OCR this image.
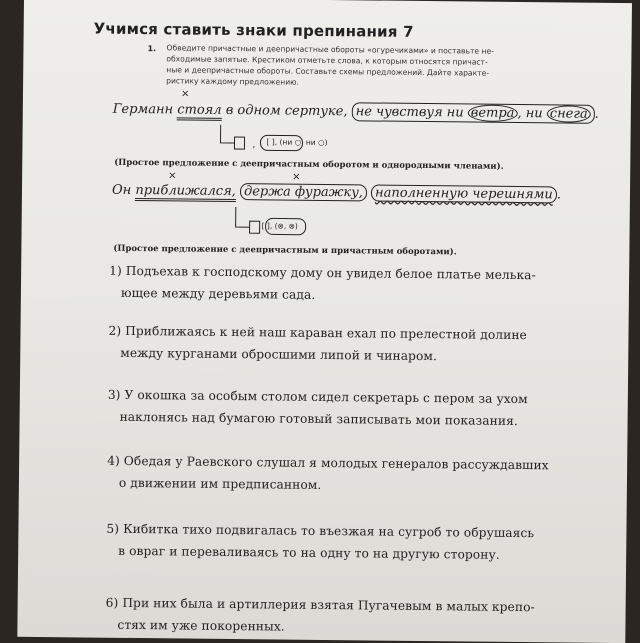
Учимся ставить знаки препинания 7
1. Обведите причастные и деепричастные обороты «огуречиками» и поставьте не-
обходимые запятые. Крестиком отметьте слова, к которым относятся причаст-
ные и деепричастные обороты. Составьте схемы предложений. Дайте характе-
ристику каждому предложению.
×
Германн стоял в одном сертуке, не чувствуя ни ветра , ни снега .
, [ ], (ни ○, ни ○)
(Простое предложение с деепричастным оборотом и однородными членами).
×	×
Он приближался, держа фуражку, наполненную черешнями .
[ ], (⊗, ⊗)
(Простое предложение с деепричастным и причастным оборотами).
1) Подъехав к господскому дому он увидел белое платье мелька-
ющее между деревьями сада.
2) Приближаясь к ней наш караван ехал по прелестной долине
между курганами обросшими липой и чинаром.
3) У окошка за особым столом сидел секретарь с пером за ухом
наклонясь над бумагою готовый записывать мои показания.
4) Обедая у Раевского слушал я молодых генералов рассуждавших
о движении им предписанном.
5) Кибитка тихо подвигалась то въезжая на сугроб то обрушаясь
в овраг и переваливаясь то на одну то на другую сторону.
6) При них была и артиллерия взятая Пугачевым в малых крепо-
стях им уже покоренных.
